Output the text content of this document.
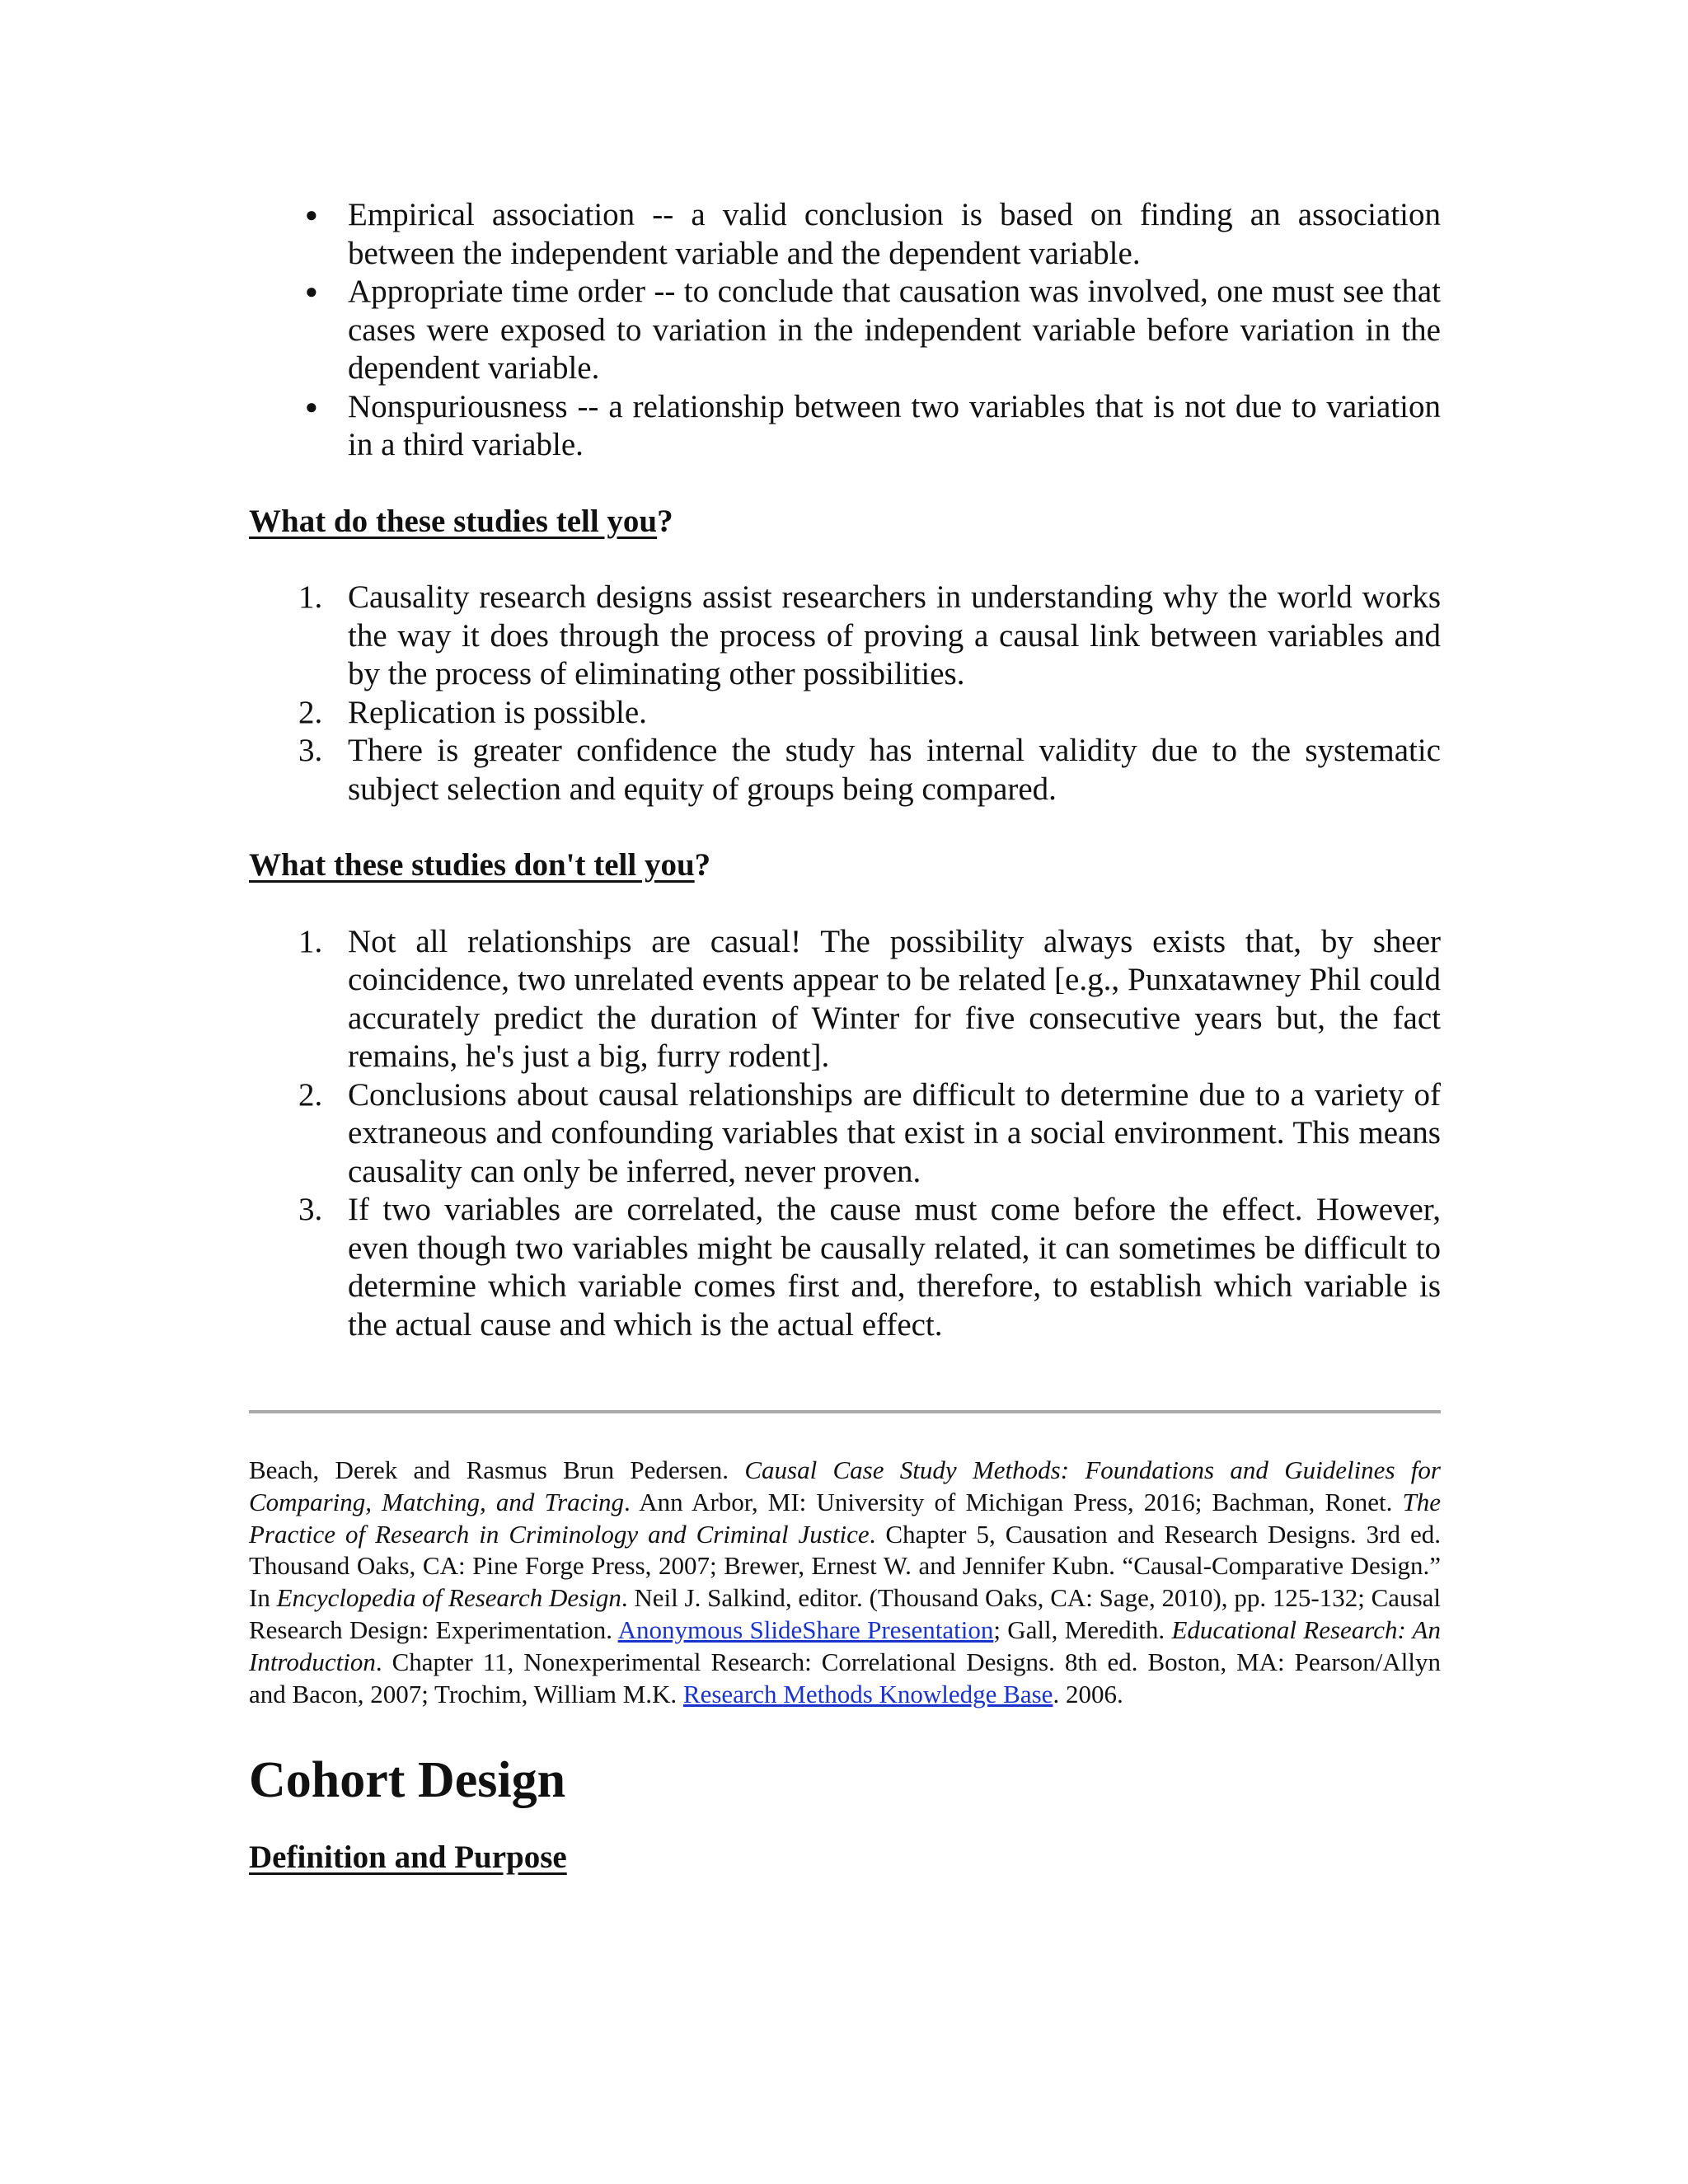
● Empirical association -- a valid conclusion is based on finding an association between the independent variable and the dependent variable.
● Appropriate time order -- to conclude that causation was involved, one must see that cases were exposed to variation in the independent variable before variation in the dependent variable.
● Nonspuriousness -- a relationship between two variables that is not due to variation in a third variable.
What do these studies tell you?
1. Causality research designs assist researchers in understanding why the world works the way it does through the process of proving a causal link between variables and by the process of eliminating other possibilities.
2. Replication is possible.
3. There is greater confidence the study has internal validity due to the systematic subject selection and equity of groups being compared.
What these studies don't tell you?
1. Not all relationships are casual! The possibility always exists that, by sheer coincidence, two unrelated events appear to be related [e.g., Punxatawney Phil could accurately predict the duration of Winter for five consecutive years but, the fact remains, he's just a big, furry rodent].
2. Conclusions about causal relationships are difficult to determine due to a variety of extraneous and confounding variables that exist in a social environment. This means causality can only be inferred, never proven.
3. If two variables are correlated, the cause must come before the effect. However, even though two variables might be causally related, it can sometimes be difficult to determine which variable comes first and, therefore, to establish which variable is the actual cause and which is the actual effect.

Beach, Derek and Rasmus Brun Pedersen. Causal Case Study Methods: Foundations and Guidelines for Comparing, Matching, and Tracing. Ann Arbor, MI: University of Michigan Press, 2016; Bachman, Ronet. The Practice of Research in Criminology and Criminal Justice. Chapter 5, Causation and Research Designs. 3rd ed. Thousand Oaks, CA: Pine Forge Press, 2007; Brewer, Ernest W. and Jennifer Kubn. “Causal-Comparative Design.” In Encyclopedia of Research Design. Neil J. Salkind, editor. (Thousand Oaks, CA: Sage, 2010), pp. 125-132; Causal Research Design: Experimentation. Anonymous SlideShare Presentation; Gall, Meredith. Educational Research: An Introduction. Chapter 11, Nonexperimental Research: Correlational Designs. 8th ed. Boston, MA: Pearson/Allyn and Bacon, 2007; Trochim, William M.K. Research Methods Knowledge Base. 2006.

Cohort Design
Definition and Purpose
